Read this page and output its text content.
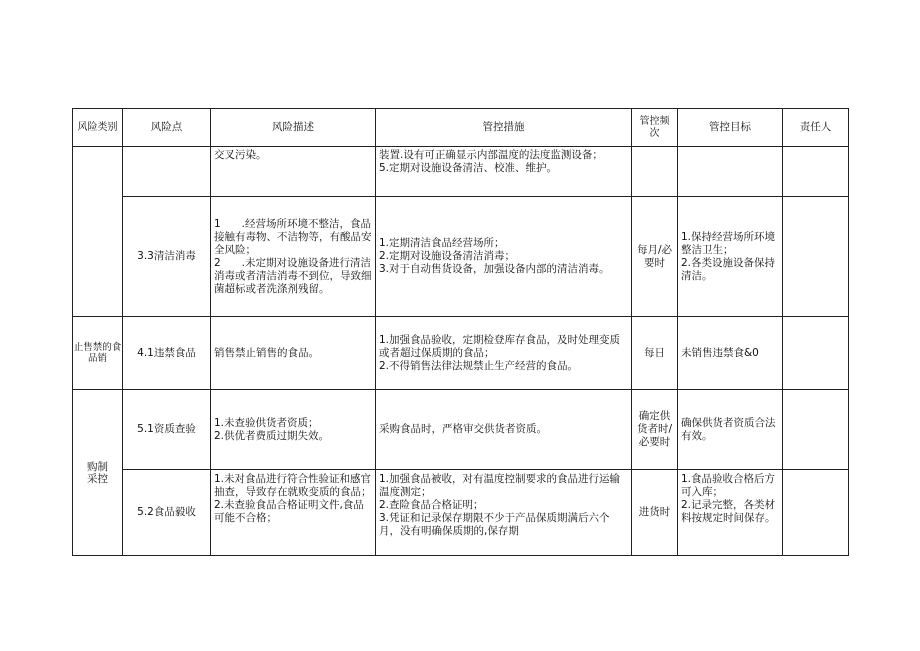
风险类别	风险点	风险描述	管控措施	管控频次	管控目标	责任人
		交叉污染。	装置.设有可正确显示内部温度的法度监测设备；
5.定期对设施设备清洁、校准、维护。			
	3.3清洁消毒	1　　.经营场所环境不整洁，食品接触有毒物、不洁物等，有酸品安全风险；
2　　.未定期对设施设备进行清洁消毒或者清洁消毒不到位，导致细菌超标或者洗涤剂残留。	1.定期清洁食品经营场所；
2.定期对设施设备清洁消毒；
3.对于自动售货设备，加强设备内部的清洁消毒。	每月/必要时	1.保持经营场所环境整洁卫生；
2.各类设施设备保持清洁。	
止售禁的食品销	4.1违禁食品	销售禁止销售的食品。	1.加强食品验收，定期检登库存食品，及时处理变质或者超过保质期的食品；
2.不得销售法律法规禁止生产经营的食品。	每日	未销售违禁食&0	
购制采控	5.1资质查验	1.未查验供货者资质；
2.供优者费质过期失效。	采购食品时，严格审交供货者资质。	确定供货者时/必要时	确保供货者资质合法有效。	
	5.2食品毅收	1.未对食品进行符合性验证和感官抽查，导致存在就败变质的食品；
2.未查验食品合格证明文件,食品可能不合格；	1.加强食品被收，对有温度控制要求的食品进行运输温度测定；
2.查险食品合格证明；
3.凭证和记录保存期限不少于产品保质期满后六个月，没有明确保质期的,保存期	进货时	1.食品验收合格后方可入库；
2.记录完整，各类材料按规定时间保存。	
